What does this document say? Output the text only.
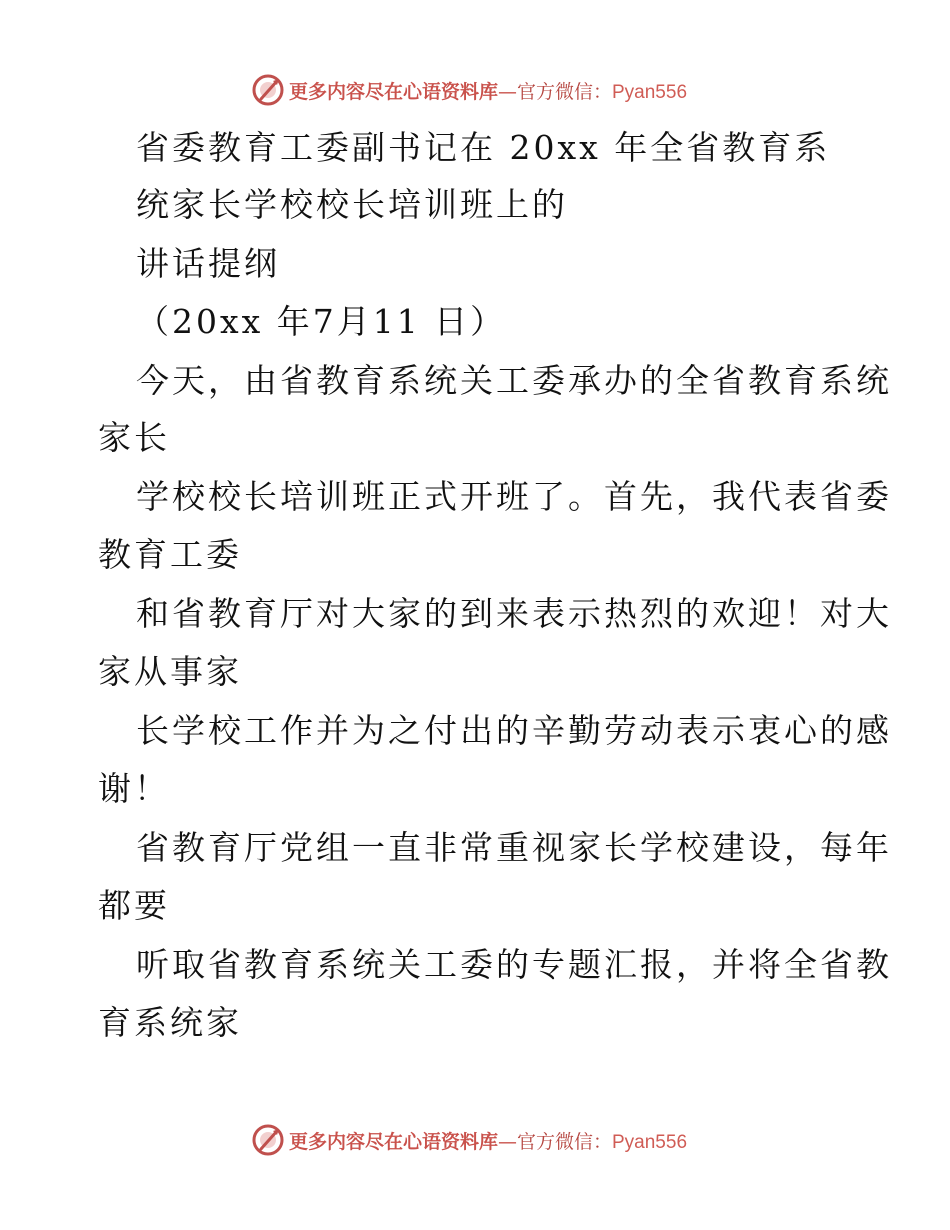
更多内容尽在心语资料库—官方微信：Pyan556
省委教育工委副书记在 20xx 年全省教育系
统家长学校校长培训班上的
讲话提纲
（20xx 年7月11 日）
今天，由省教育系统关工委承办的全省教育系统
家长
学校校长培训班正式开班了。首先，我代表省委
教育工委
和省教育厅对大家的到来表示热烈的欢迎！对大
家从事家
长学校工作并为之付出的辛勤劳动表示衷心的感
谢！
省教育厅党组一直非常重视家长学校建设，每年
都要
听取省教育系统关工委的专题汇报，并将全省教
育系统家
更多内容尽在心语资料库—官方微信：Pyan556
